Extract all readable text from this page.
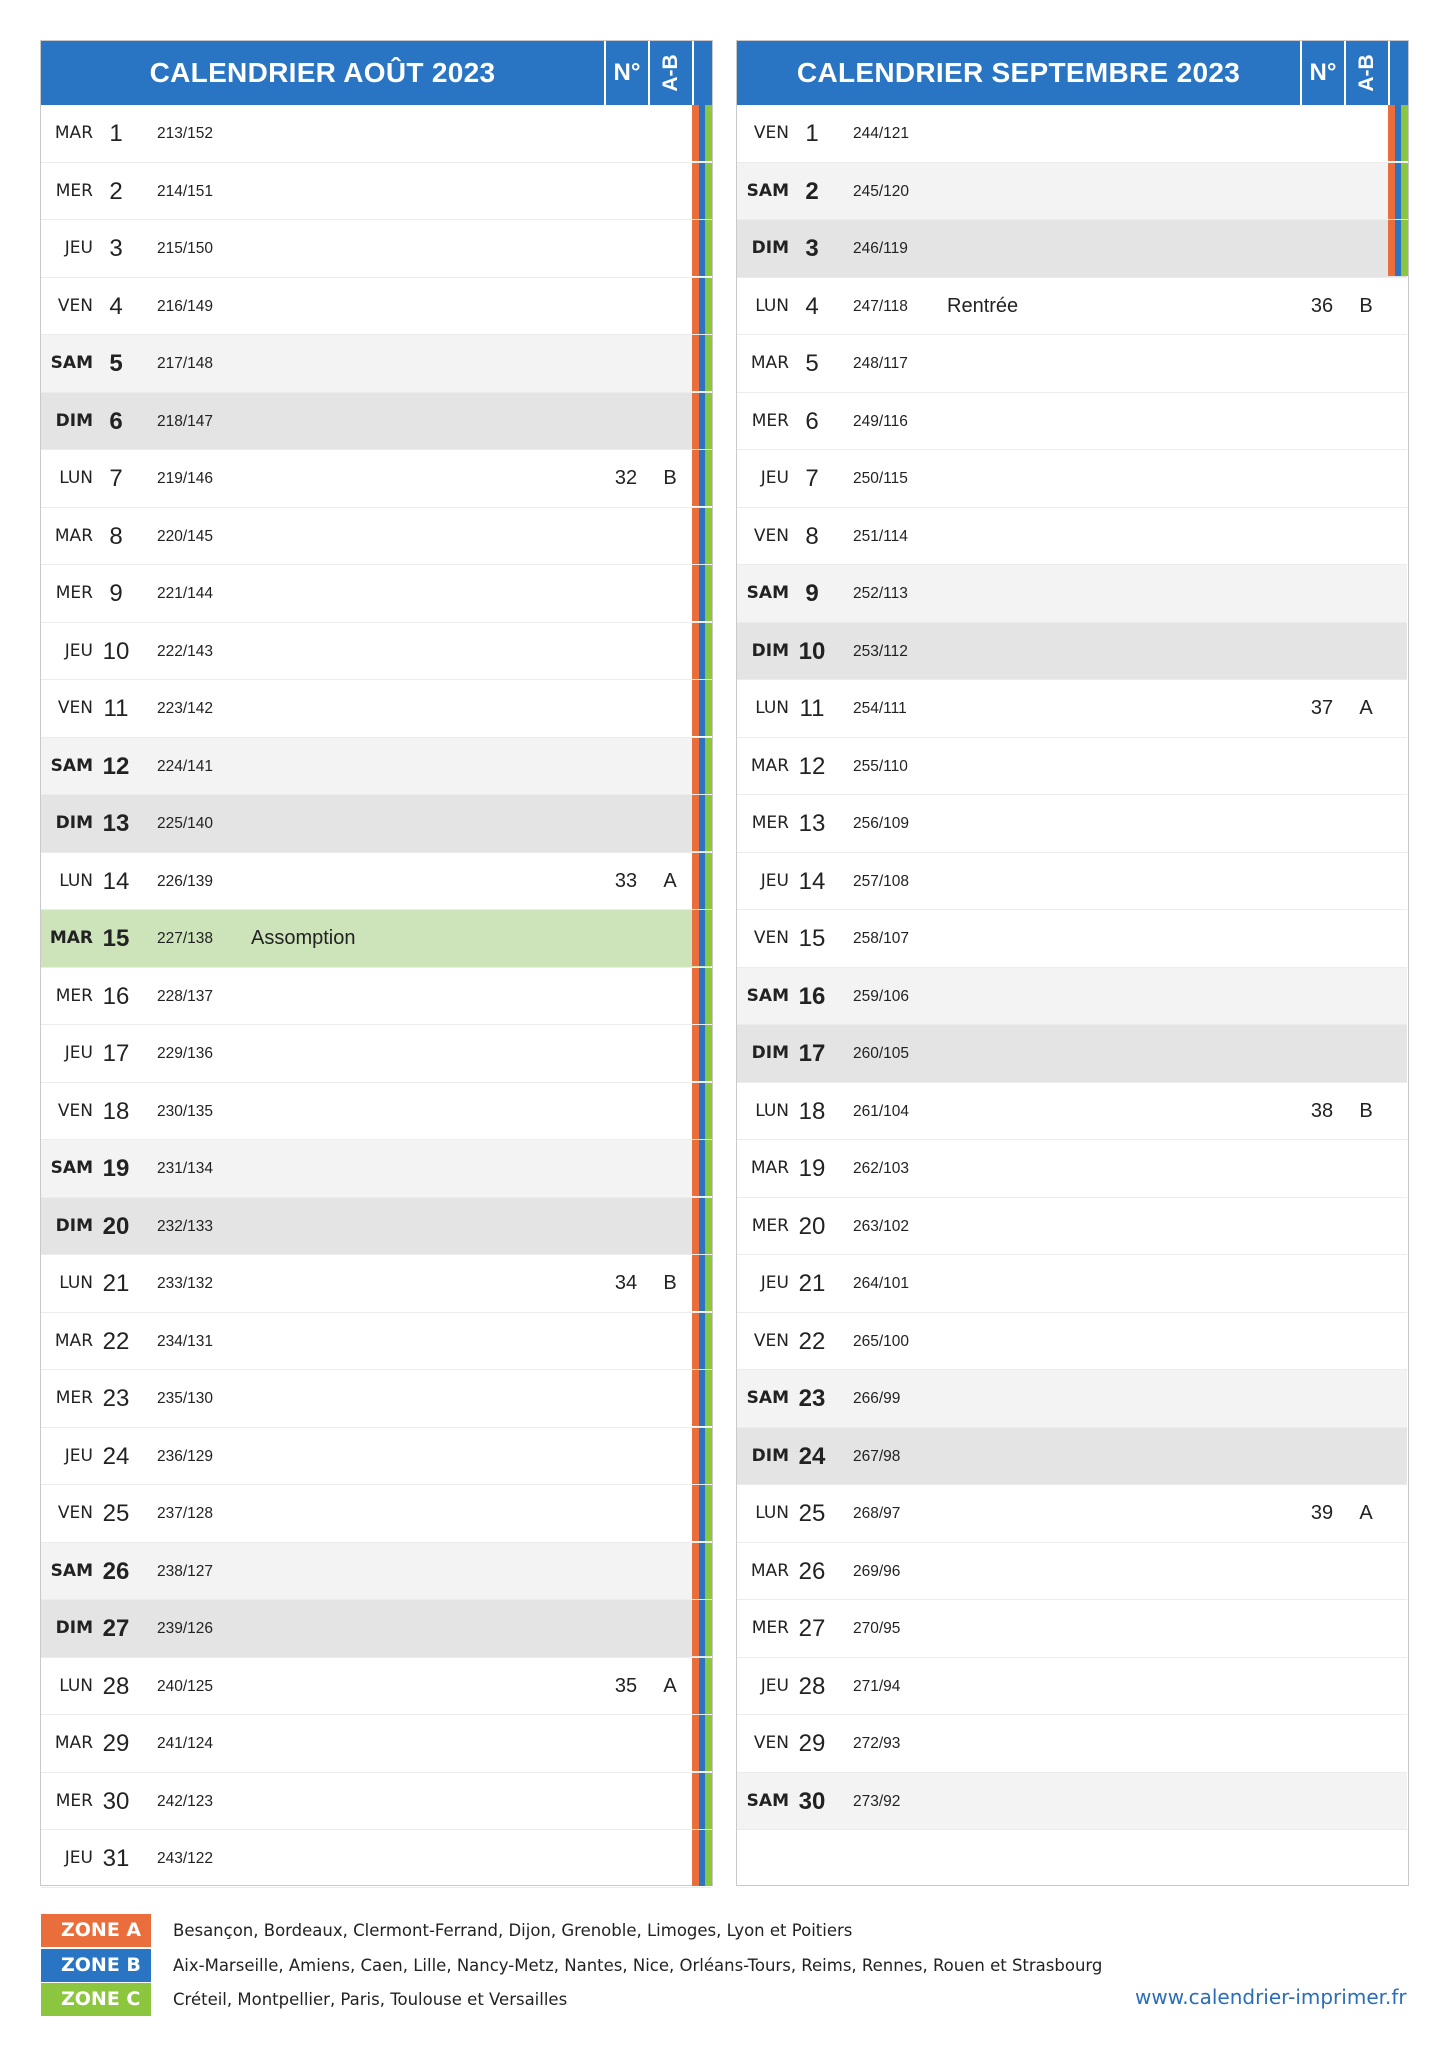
CALENDRIER AOÛT 2023	N° A-B
MAR 1	213/152
MER 2	214/151
JEU 3	215/150
VEN 4	216/149
SAM 5	217/148
DIM 6	218/147
LUN 7	219/146	32	B
MAR 8	220/145
MER 9	221/144
JEU 10	222/143
VEN 11	223/142
SAM 12	224/141
DIM 13	225/140
LUN 14	226/139	33	A
MAR 15	227/138 Assomption
MER 16	228/137
JEU 17	229/136
VEN 18	230/135
SAM 19	231/134
DIM 20	232/133
LUN 21	233/132	34	B
MAR 22	234/131
MER 23	235/130
JEU 24	236/129
VEN 25	237/128
SAM 26	238/127
DIM 27	239/126
LUN 28	240/125	35	A
MAR 29	241/124
MER 30	242/123
JEU 31	243/122
CALENDRIER SEPTEMBRE 2023	N° A-B
VEN 1	244/121
SAM 2	245/120
DIM 3	246/119
LUN 4	247/118 Rentrée	36	B
MAR 5	248/117
MER 6	249/116
JEU 7	250/115
VEN 8	251/114
SAM 9	252/113
DIM 10	253/112
LUN 11	254/111	37	A
MAR 12	255/110
MER 13	256/109
JEU 14	257/108
VEN 15	258/107
SAM 16	259/106
DIM 17	260/105
LUN 18	261/104	38	B
MAR 19	262/103
MER 20	263/102
JEU 21	264/101
VEN 22	265/100
SAM 23	266/99
DIM 24	267/98
LUN 25	268/97	39	A
MAR 26	269/96
MER 27	270/95
JEU 28	271/94
VEN 29	272/93
SAM 30	273/92
ZONE A	Besançon, Bordeaux, Clermont-Ferrand, Dijon, Grenoble, Limoges, Lyon et Poitiers
ZONE B	Aix-Marseille, Amiens, Caen, Lille, Nancy-Metz, Nantes, Nice, Orléans-Tours, Reims, Rennes, Rouen et Strasbourg
ZONE C	Créteil, Montpellier, Paris, Toulouse et Versailles	www.calendrier-imprimer.fr
